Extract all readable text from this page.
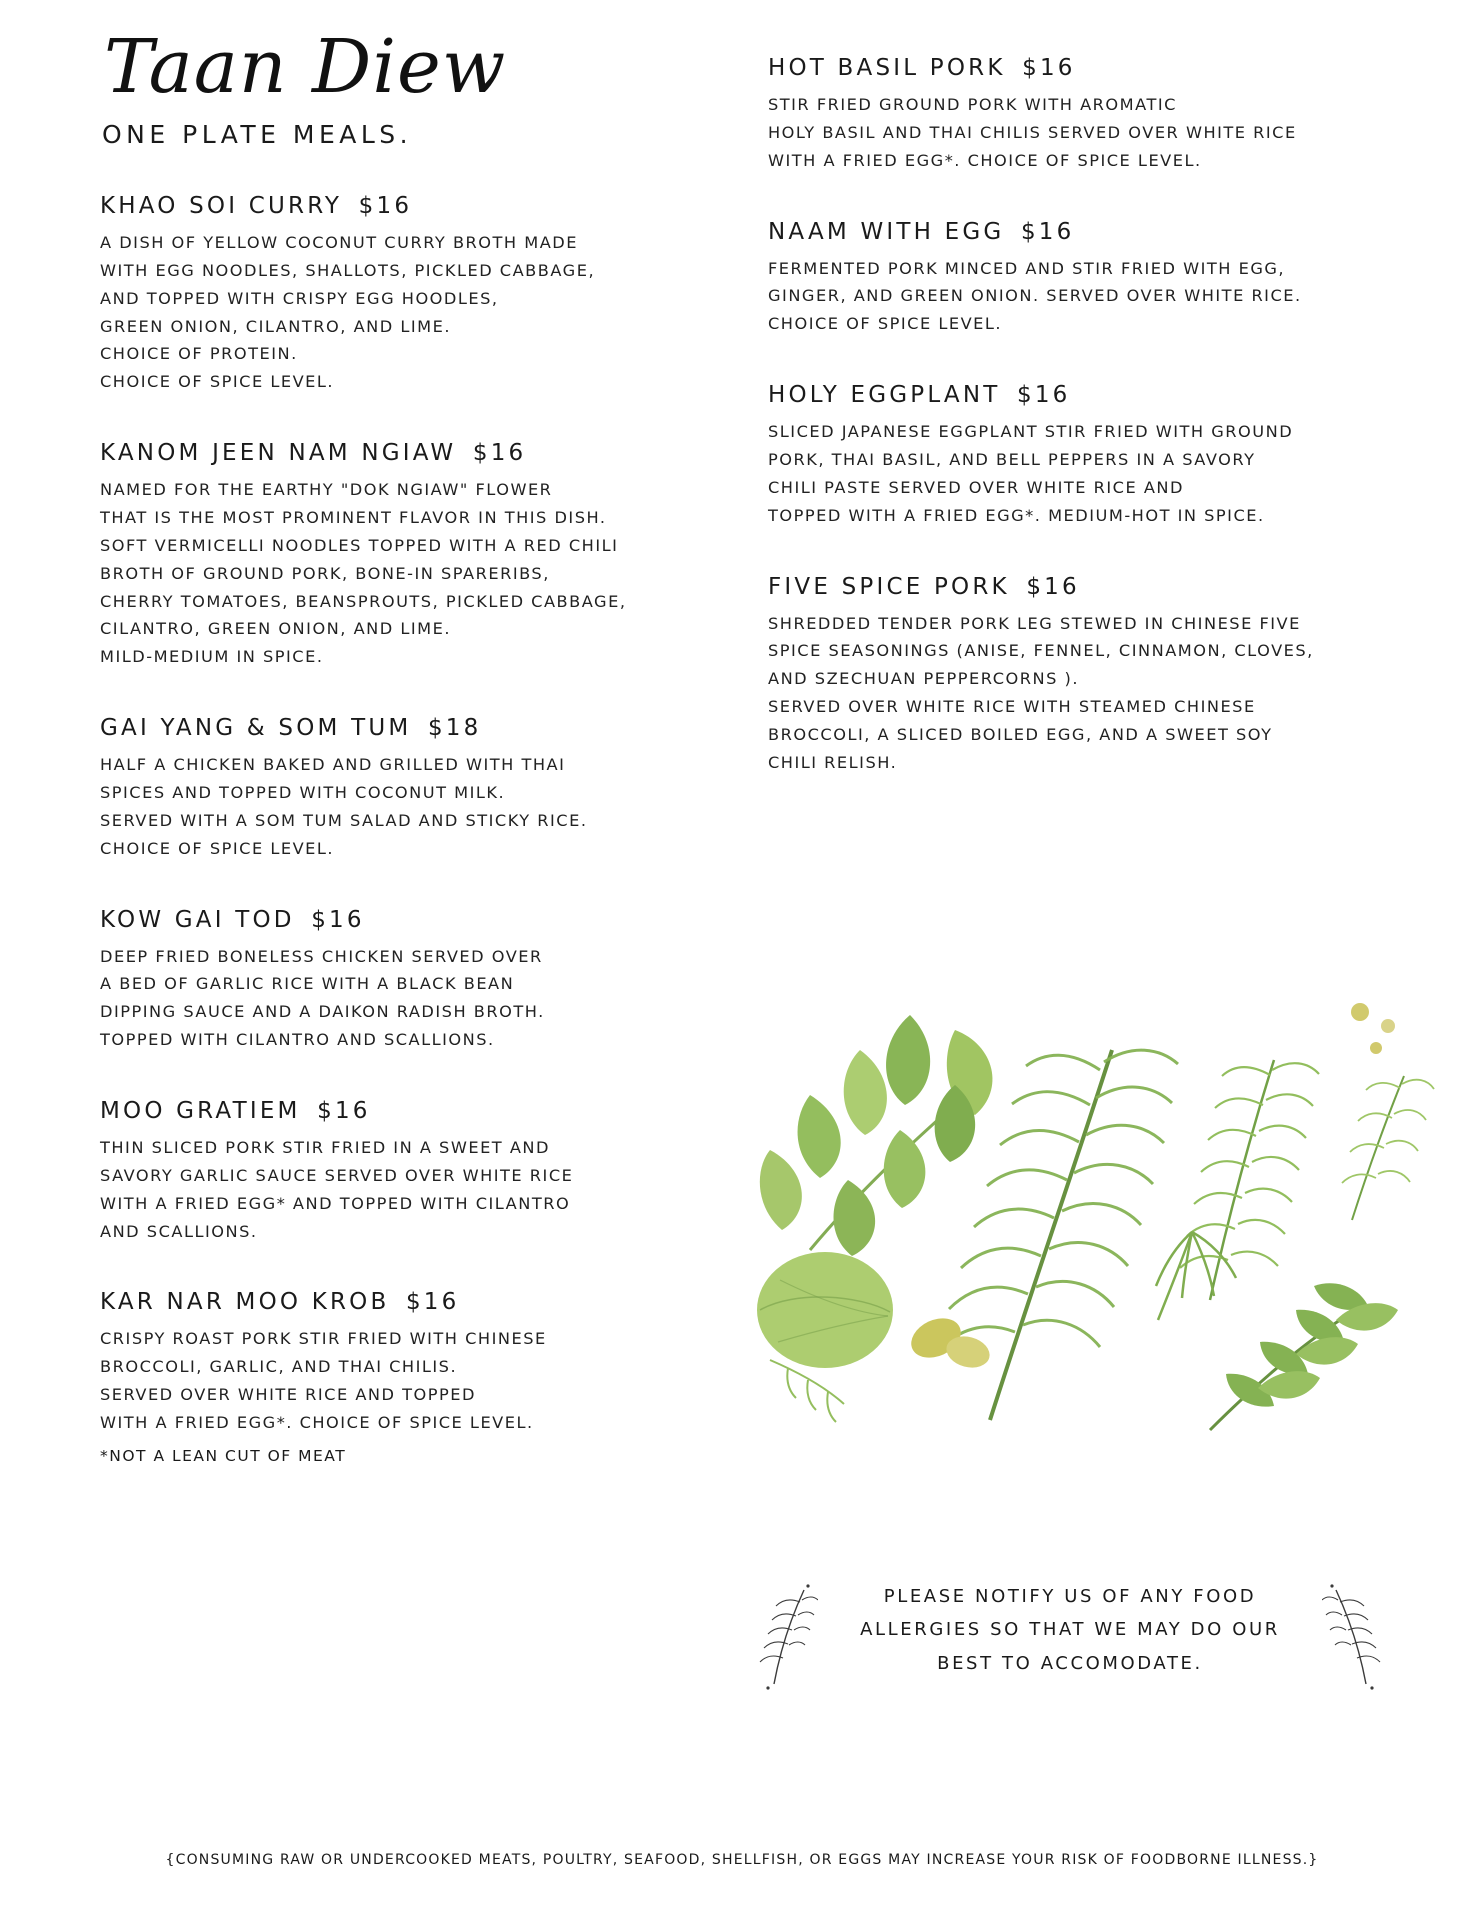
Taan Diew
ONE PLATE MEALS.
KHAO SOI CURRY $16
A DISH OF YELLOW COCONUT CURRY BROTH MADE
WITH EGG NOODLES, SHALLOTS, PICKLED CABBAGE,
AND TOPPED WITH CRISPY EGG HOODLES,
GREEN ONION, CILANTRO, AND LIME.
CHOICE OF PROTEIN.
CHOICE OF SPICE LEVEL.
KANOM JEEN NAM NGIAW $16
NAMED FOR THE EARTHY "DOK NGIAW" FLOWER
THAT IS THE MOST PROMINENT FLAVOR IN THIS DISH.
SOFT VERMICELLI NOODLES TOPPED WITH A RED CHILI
BROTH OF GROUND PORK, BONE-IN SPARERIBS,
CHERRY TOMATOES, BEANSPROUTS, PICKLED CABBAGE,
CILANTRO, GREEN ONION, AND LIME.
MILD-MEDIUM IN SPICE.
GAI YANG & SOM TUM $18
HALF A CHICKEN BAKED AND GRILLED WITH THAI
SPICES AND TOPPED WITH COCONUT MILK.
SERVED WITH A SOM TUM SALAD AND STICKY RICE.
CHOICE OF SPICE LEVEL.
KOW GAI TOD $16
DEEP FRIED BONELESS CHICKEN SERVED OVER
A BED OF GARLIC RICE WITH A BLACK BEAN
DIPPING SAUCE AND A DAIKON RADISH BROTH.
TOPPED WITH CILANTRO AND SCALLIONS.
MOO GRATIEM $16
THIN SLICED PORK STIR FRIED IN A SWEET AND
SAVORY GARLIC SAUCE SERVED OVER WHITE RICE
WITH A FRIED EGG* AND TOPPED WITH CILANTRO
AND SCALLIONS.
KAR NAR MOO KROB $16
CRISPY ROAST PORK STIR FRIED WITH CHINESE
BROCCOLI, GARLIC, AND THAI CHILIS.
SERVED OVER WHITE RICE AND TOPPED
WITH A FRIED EGG*. CHOICE OF SPICE LEVEL.
*NOT A LEAN CUT OF MEAT
HOT BASIL PORK $16
STIR FRIED GROUND PORK WITH AROMATIC
HOLY BASIL AND THAI CHILIS SERVED OVER WHITE RICE
WITH A FRIED EGG*. CHOICE OF SPICE LEVEL.
NAAM WITH EGG $16
FERMENTED PORK MINCED AND STIR FRIED WITH EGG,
GINGER, AND GREEN ONION. SERVED OVER WHITE RICE.
CHOICE OF SPICE LEVEL.
HOLY EGGPLANT $16
SLICED JAPANESE EGGPLANT STIR FRIED WITH GROUND
PORK, THAI BASIL, AND BELL PEPPERS IN A SAVORY
CHILI PASTE SERVED OVER WHITE RICE AND
TOPPED WITH A FRIED EGG*. MEDIUM-HOT IN SPICE.
FIVE SPICE PORK $16
SHREDDED TENDER PORK LEG STEWED IN CHINESE FIVE
SPICE SEASONINGS (ANISE, FENNEL, CINNAMON, CLOVES,
AND SZECHUAN PEPPERCORNS ).
SERVED OVER WHITE RICE WITH STEAMED CHINESE
BROCCOLI, A SLICED BOILED EGG, AND A SWEET SOY
CHILI RELISH.
PLEASE NOTIFY US OF ANY FOOD
ALLERGIES SO THAT WE MAY DO OUR
BEST TO ACCOMODATE.
{CONSUMING RAW OR UNDERCOOKED MEATS, POULTRY, SEAFOOD, SHELLFISH, OR EGGS MAY INCREASE YOUR RISK OF FOODBORNE ILLNESS.}
